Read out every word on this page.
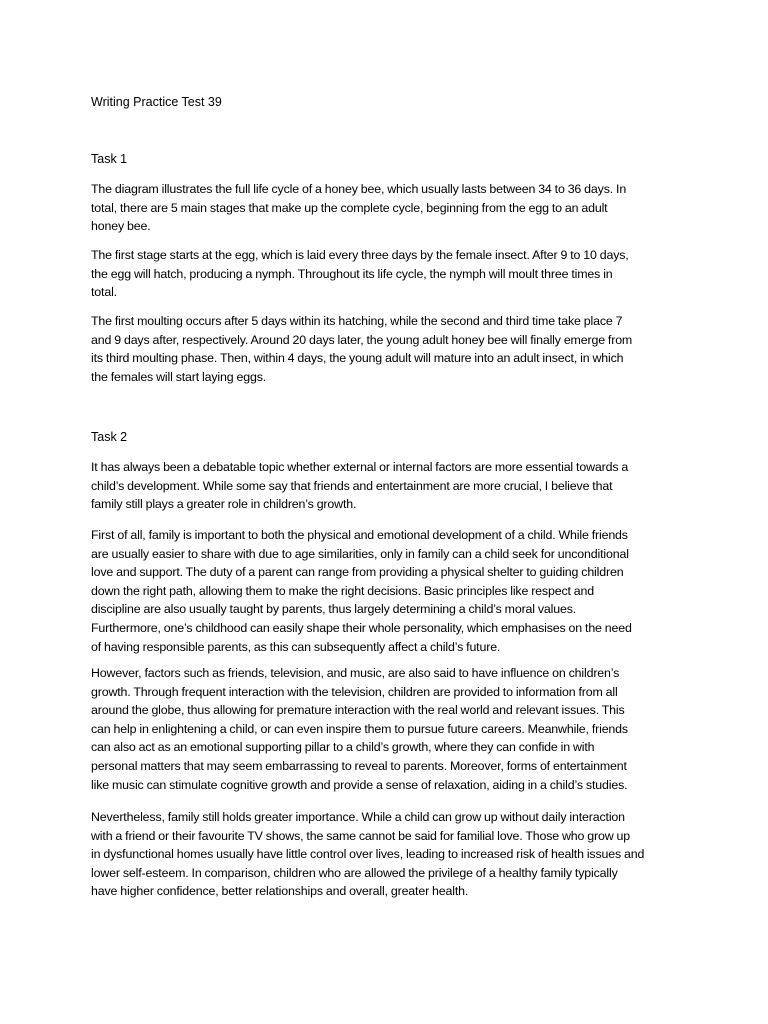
Writing Practice Test 39
Task 1

The diagram illustrates the full life cycle of a honey bee, which usually lasts between 34 to 36 days. In
total, there are 5 main stages that make up the complete cycle, beginning from the egg to an adult
honey bee.

The first stage starts at the egg, which is laid every three days by the female insect. After 9 to 10 days,
the egg will hatch, producing a nymph. Throughout its life cycle, the nymph will moult three times in
total.

The first moulting occurs after 5 days within its hatching, while the second and third time take place 7
and 9 days after, respectively. Around 20 days later, the young adult honey bee will finally emerge from
its third moulting phase. Then, within 4 days, the young adult will mature into an adult insect, in which
the females will start laying eggs.

Task 2

It has always been a debatable topic whether external or internal factors are more essential towards a
child’s development. While some say that friends and entertainment are more crucial, I believe that
family still plays a greater role in children’s growth.

First of all, family is important to both the physical and emotional development of a child. While friends
are usually easier to share with due to age similarities, only in family can a child seek for unconditional
love and support. The duty of a parent can range from providing a physical shelter to guiding children
down the right path, allowing them to make the right decisions. Basic principles like respect and
discipline are also usually taught by parents, thus largely determining a child’s moral values.
Furthermore, one’s childhood can easily shape their whole personality, which emphasises on the need
of having responsible parents, as this can subsequently affect a child’s future.

However, factors such as friends, television, and music, are also said to have influence on children’s
growth. Through frequent interaction with the television, children are provided to information from all
around the globe, thus allowing for premature interaction with the real world and relevant issues. This
can help in enlightening a child, or can even inspire them to pursue future careers. Meanwhile, friends
can also act as an emotional supporting pillar to a child’s growth, where they can confide in with
personal matters that may seem embarrassing to reveal to parents. Moreover, forms of entertainment
like music can stimulate cognitive growth and provide a sense of relaxation, aiding in a child’s studies.

Nevertheless, family still holds greater importance. While a child can grow up without daily interaction
with a friend or their favourite TV shows, the same cannot be said for familial love. Those who grow up
in dysfunctional homes usually have little control over lives, leading to increased risk of health issues and
lower self-esteem. In comparison, children who are allowed the privilege of a healthy family typically
have higher confidence, better relationships and overall, greater health.
